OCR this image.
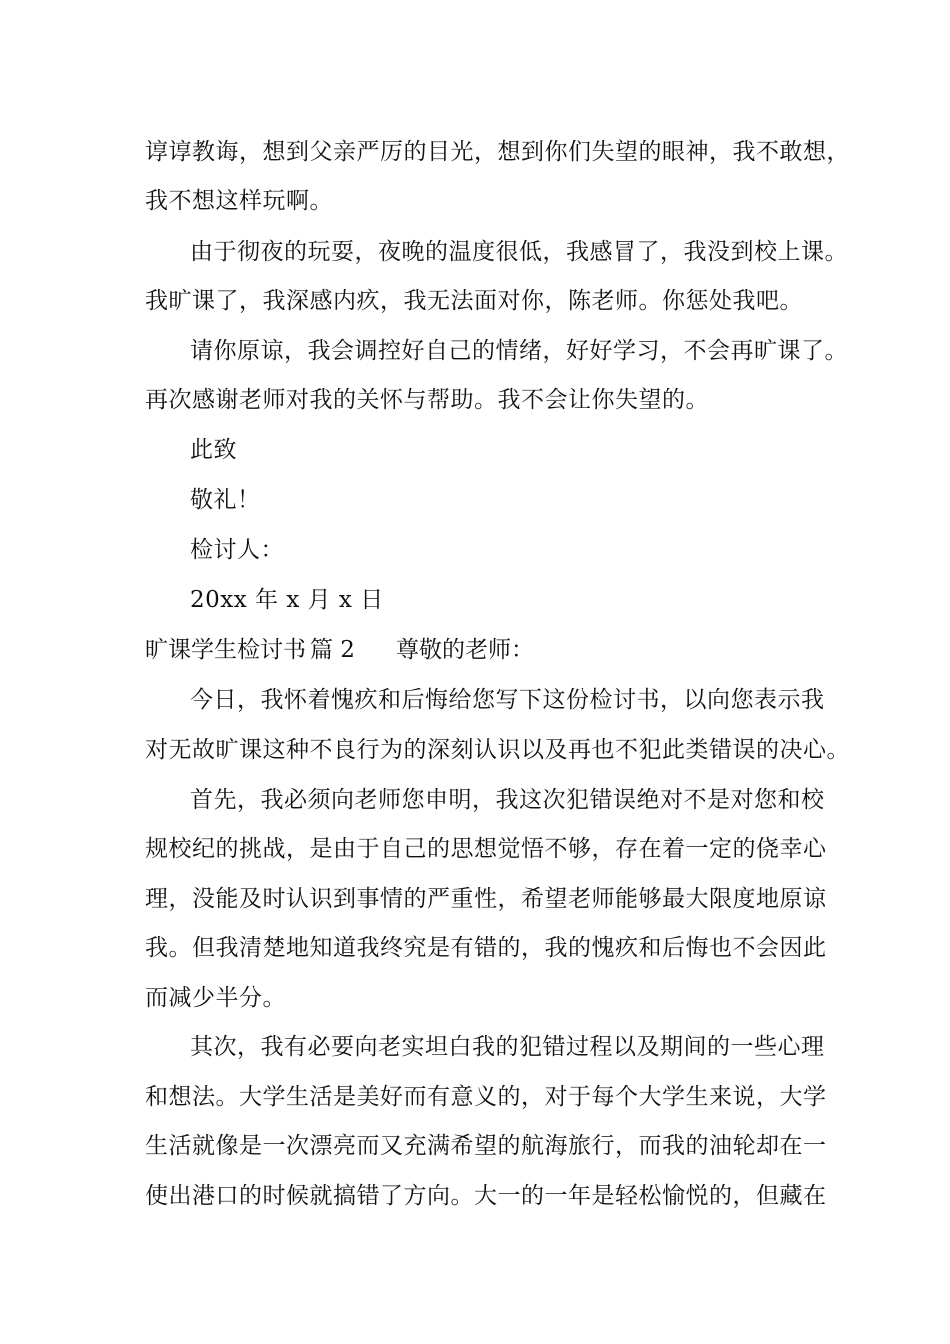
谆谆教诲，想到父亲严厉的目光，想到你们失望的眼神，我不敢想，
我不想这样玩啊。
由于彻夜的玩耍，夜晚的温度很低，我感冒了，我没到校上课。
我旷课了，我深感内疚，我无法面对你，陈老师。你惩处我吧。
请你原谅，我会调控好自己的情绪，好好学习，不会再旷课了。
再次感谢老师对我的关怀与帮助。我不会让你失望的。
此致
敬礼！
检讨人：
20xx 年 x 月 x 日
旷课学生检讨书 篇 2 尊敬的老师：
今日，我怀着愧疚和后悔给您写下这份检讨书，以向您表示我
对无故旷课这种不良行为的深刻认识以及再也不犯此类错误的决心。
首先，我必须向老师您申明，我这次犯错误绝对不是对您和校
规校纪的挑战，是由于自己的思想觉悟不够，存在着一定的侥幸心
理，没能及时认识到事情的严重性，希望老师能够最大限度地原谅
我。但我清楚地知道我终究是有错的，我的愧疚和后悔也不会因此
而减少半分。
其次，我有必要向老实坦白我的犯错过程以及期间的一些心理
和想法。大学生活是美好而有意义的，对于每个大学生来说，大学
生活就像是一次漂亮而又充满希望的航海旅行，而我的油轮却在一
使出港口的时候就搞错了方向。大一的一年是轻松愉悦的，但藏在
